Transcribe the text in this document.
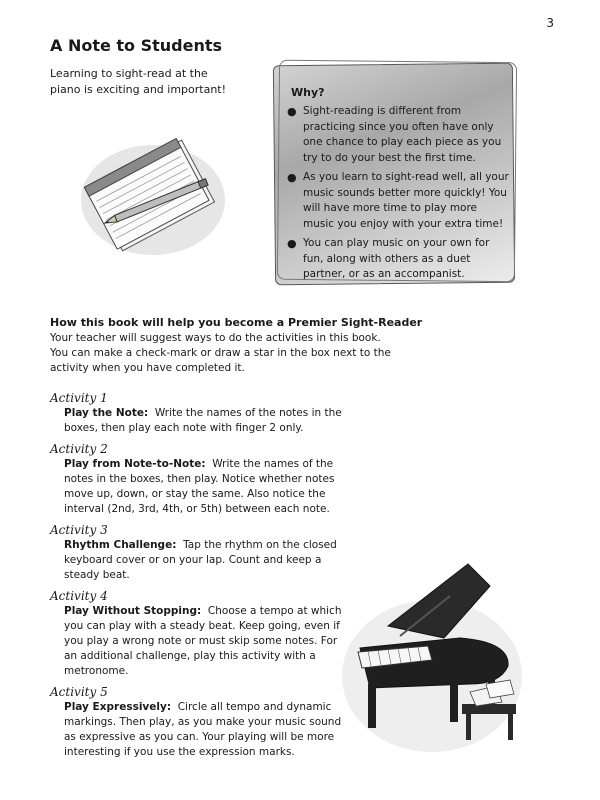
3
A Note to Students

Learning to sight-read at the piano is exciting and important!	Why?

● Sight-reading is different from practicing since you often have only one chance to play each piece as you try to do your best the first time.
● As you learn to sight-read well, all your music sounds better more quickly! You will have more time to play more music you enjoy with your extra time!
● You can play music on your own for fun, along with others as a duet partner, or as an accompanist.
How this book will help you become a Premier Sight-Reader

Your teacher will suggest ways to do the activities in this book. You can make a check-mark or draw a star in the box next to the activity when you have completed it.

Activity 1

Play the Note: Write the names of the notes in the boxes, then play each note with finger 2 only.

Activity 2

Play from Note-to-Note: Write the names of the notes in the boxes, then play. Notice whether notes move up, down, or stay the same. Also notice the interval (2nd, 3rd, 4th, or 5th) between each note.

Activity 3

Rhythm Challenge: Tap the rhythm on the closed keyboard cover or on your lap. Count and keep a steady beat.

Activity 4

Play Without Stopping: Choose a tempo at which you can play with a steady beat. Keep going, even if you play a wrong note or must skip some notes. For an additional challenge, play this activity with a metronome.

Activity 5

Play Expressively: Circle all tempo and dynamic markings. Then play, as you make your music sound as expressive as you can. Your playing will be more interesting if you use the expression marks.
